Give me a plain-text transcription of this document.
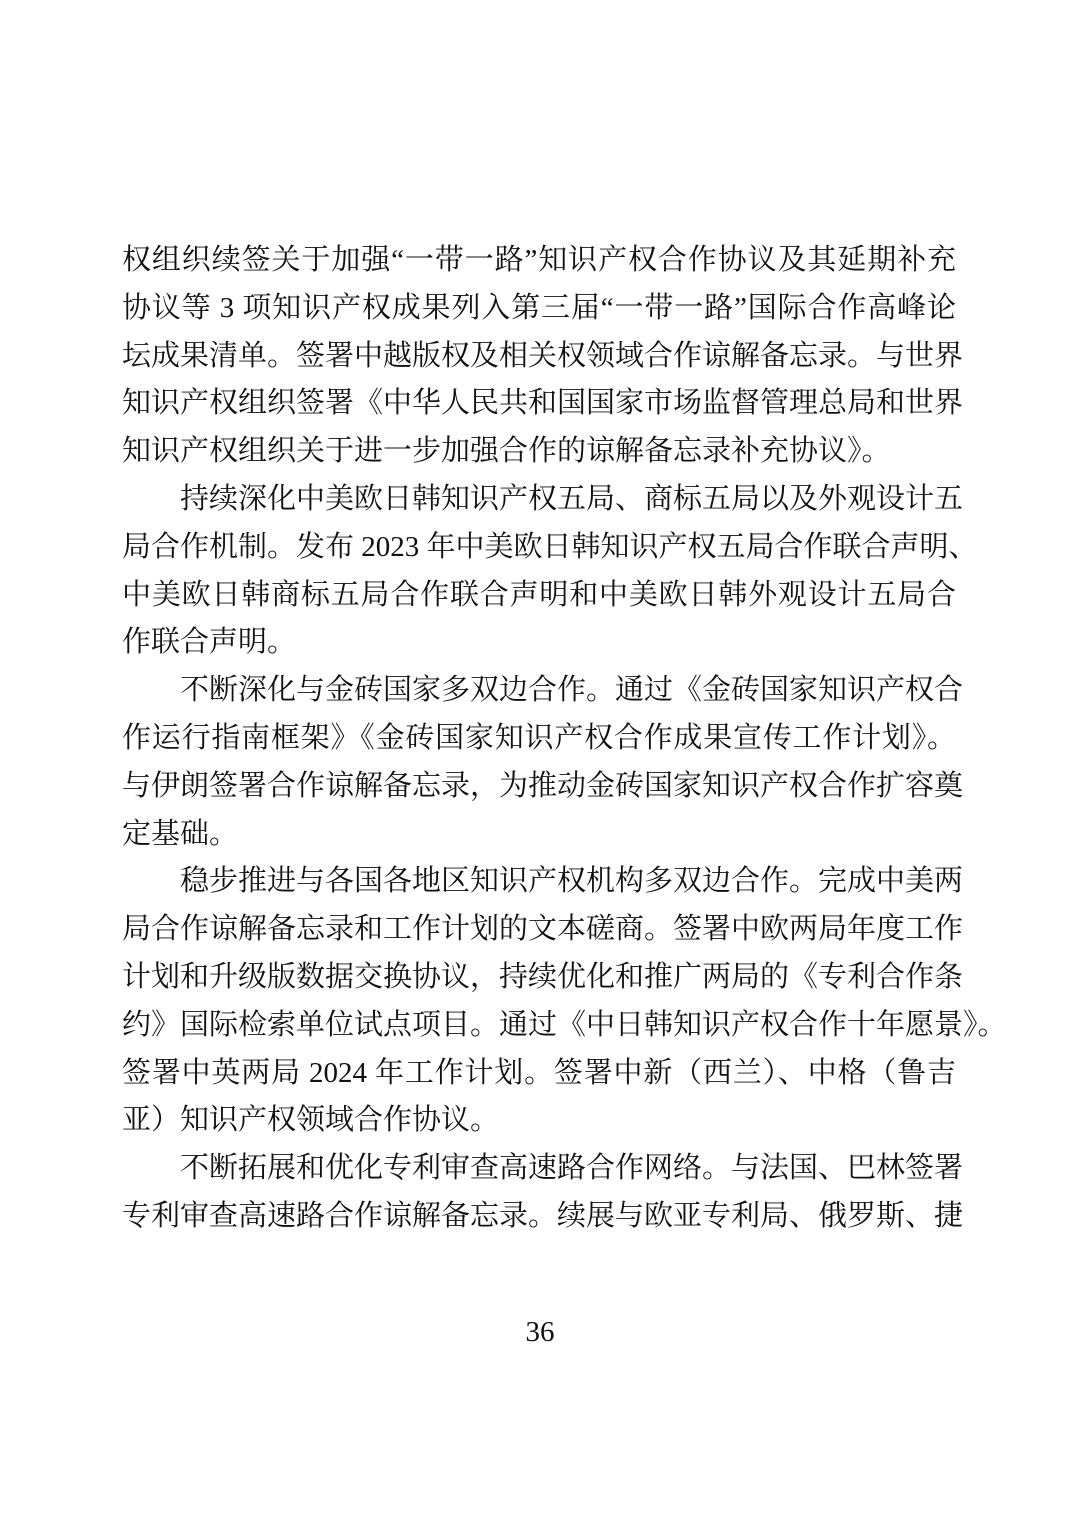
权组织续签关于加强“一带一路”知识产权合作协议及其延期补充
协议等 3 项知识产权成果列入第三届“一带一路”国际合作高峰论
坛成果清单。签署中越版权及相关权领域合作谅解备忘录。与世界
知识产权组织签署《中华人民共和国国家市场监督管理总局和世界
知识产权组织关于进一步加强合作的谅解备忘录补充协议》。
持续深化中美欧日韩知识产权五局、商标五局以及外观设计五
局合作机制。发布 2023 年中美欧日韩知识产权五局合作联合声明、
中美欧日韩商标五局合作联合声明和中美欧日韩外观设计五局合
作联合声明。
不断深化与金砖国家多双边合作。通过《金砖国家知识产权合
作运行指南框架》《金砖国家知识产权合作成果宣传工作计划》。
与伊朗签署合作谅解备忘录，为推动金砖国家知识产权合作扩容奠
定基础。
稳步推进与各国各地区知识产权机构多双边合作。完成中美两
局合作谅解备忘录和工作计划的文本磋商。签署中欧两局年度工作
计划和升级版数据交换协议，持续优化和推广两局的《专利合作条
约》国际检索单位试点项目。通过《中日韩知识产权合作十年愿景》。
签署中英两局 2024 年工作计划。签署中新（西兰）、中格（鲁吉
亚）知识产权领域合作协议。
不断拓展和优化专利审查高速路合作网络。与法国、巴林签署
专利审查高速路合作谅解备忘录。续展与欧亚专利局、俄罗斯、捷
36
